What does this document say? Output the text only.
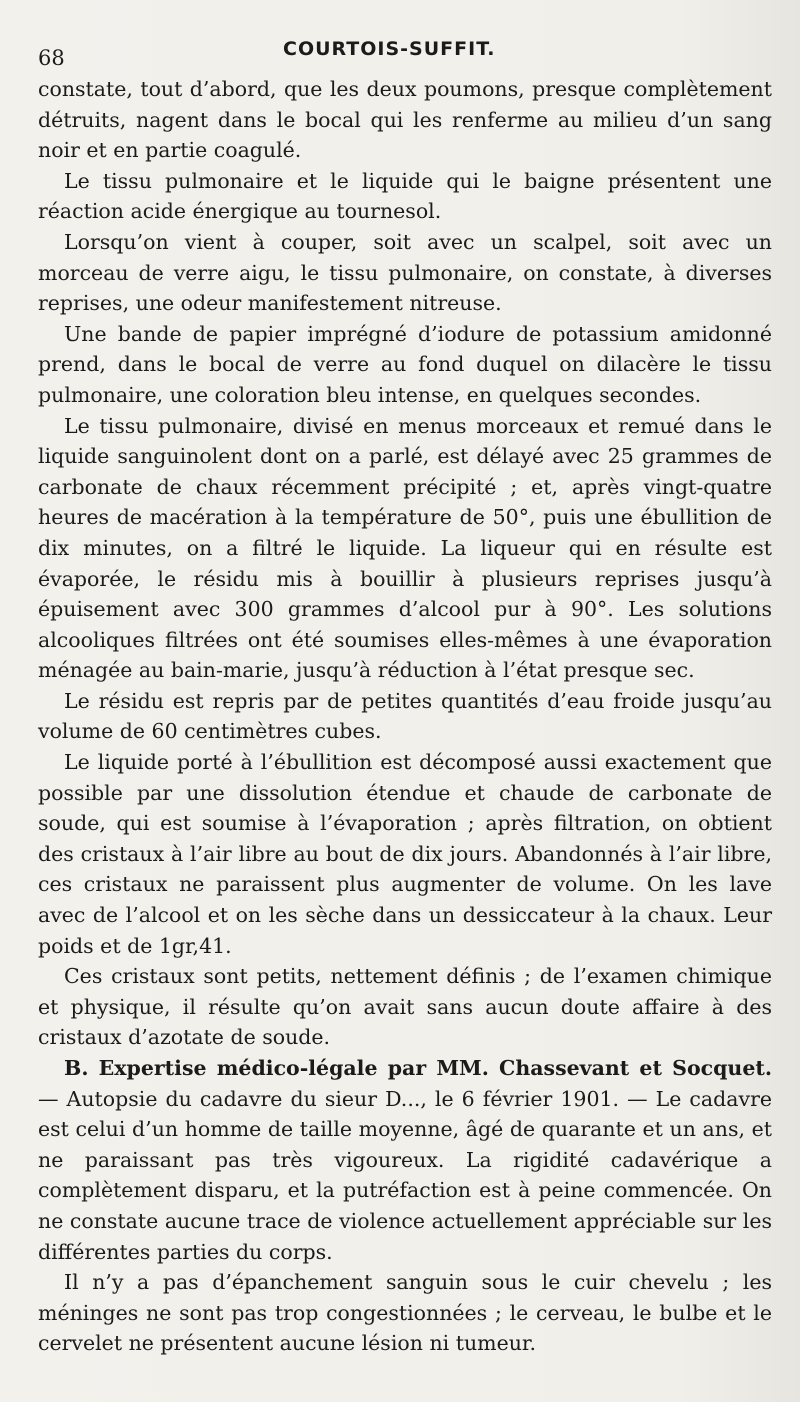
68	COURTOIS-SUFFIT.

constate, tout d’abord, que les deux poumons, presque complètement détruits, nagent dans le bocal qui les renferme au milieu d’un sang noir et en partie coagulé.

Le tissu pulmonaire et le liquide qui le baigne présentent une réaction acide énergique au tournesol.

Lorsqu’on vient à couper, soit avec un scalpel, soit avec un morceau de verre aigu, le tissu pulmonaire, on constate, à diverses reprises, une odeur manifestement nitreuse.

Une bande de papier imprégné d’iodure de potassium amidonné prend, dans le bocal de verre au fond duquel on dilacère le tissu pulmonaire, une coloration bleu intense, en quelques secondes.

Le tissu pulmonaire, divisé en menus morceaux et remué dans le liquide sanguinolent dont on a parlé, est délayé avec 25 grammes de carbonate de chaux récemment précipité ; et, après vingt-quatre heures de macération à la température de 50°, puis une ébullition de dix minutes, on a filtré le liquide. La liqueur qui en résulte est évaporée, le résidu mis à bouillir à plusieurs reprises jusqu’à épuisement avec 300 grammes d’alcool pur à 90°. Les solutions alcooliques filtrées ont été soumises elles-mêmes à une évaporation ménagée au bain-marie, jusqu’à réduction à l’état presque sec.

Le résidu est repris par de petites quantités d’eau froide jusqu’au volume de 60 centimètres cubes.

Le liquide porté à l’ébullition est décomposé aussi exactement que possible par une dissolution étendue et chaude de carbonate de soude, qui est soumise à l’évaporation ; après filtration, on obtient des cristaux à l’air libre au bout de dix jours. Abandonnés à l’air libre, ces cristaux ne paraissent plus augmenter de volume. On les lave avec de l’alcool et on les sèche dans un dessiccateur à la chaux. Leur poids et de 1gr,41.

Ces cristaux sont petits, nettement définis ; de l’examen chimique et physique, il résulte qu’on avait sans aucun doute affaire à des cristaux d’azotate de soude.

B. Expertise médico-légale par MM. Chassevant et Socquet. — Autopsie du cadavre du sieur D..., le 6 février 1901. — Le cadavre est celui d’un homme de taille moyenne, âgé de quarante et un ans, et ne paraissant pas très vigoureux. La rigidité cadavérique a complètement disparu, et la putréfaction est à peine commencée. On ne constate aucune trace de violence actuellement appréciable sur les différentes parties du corps.

Il n’y a pas d’épanchement sanguin sous le cuir chevelu ; les méninges ne sont pas trop congestionnées ; le cerveau, le bulbe et le cervelet ne présentent aucune lésion ni tumeur.
